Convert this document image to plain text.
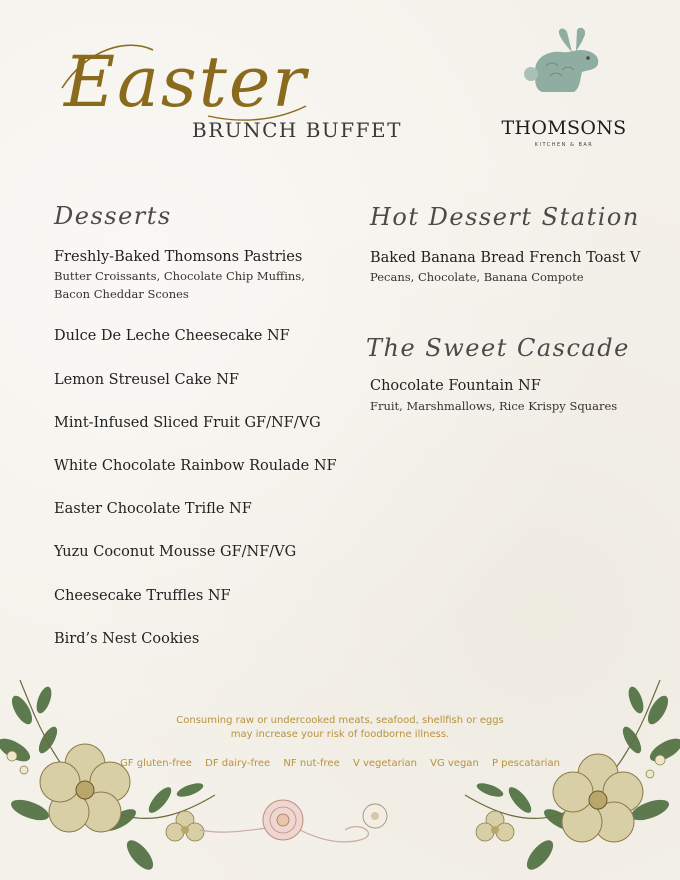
Easter
BRUNCH BUFFET	THOMSONS
KITCHEN & BAR
Desserts
Freshly-Baked Thomsons Pastries
Butter Croissants, Chocolate Chip Muffins,
Bacon Cheddar Scones
Dulce De Leche Cheesecake NF
Lemon Streusel Cake NF
Mint-Infused Sliced Fruit GF/NF/VG
White Chocolate Rainbow Roulade NF
Easter Chocolate Trifle NF
Yuzu Coconut Mousse GF/NF/VG
Cheesecake Truffles NF
Bird’s Nest Cookies
Hot Dessert Station
Baked Banana Bread French Toast V
Pecans, Chocolate, Banana Compote
The Sweet Cascade
Chocolate Fountain NF
Fruit, Marshmallows, Rice Krispy Squares
Consuming raw or undercooked meats, seafood, shellfish or eggs
may increase your risk of foodborne illness.
GF gluten-free DF dairy-free NF nut-free V vegetarian VG vegan P pescatarian
